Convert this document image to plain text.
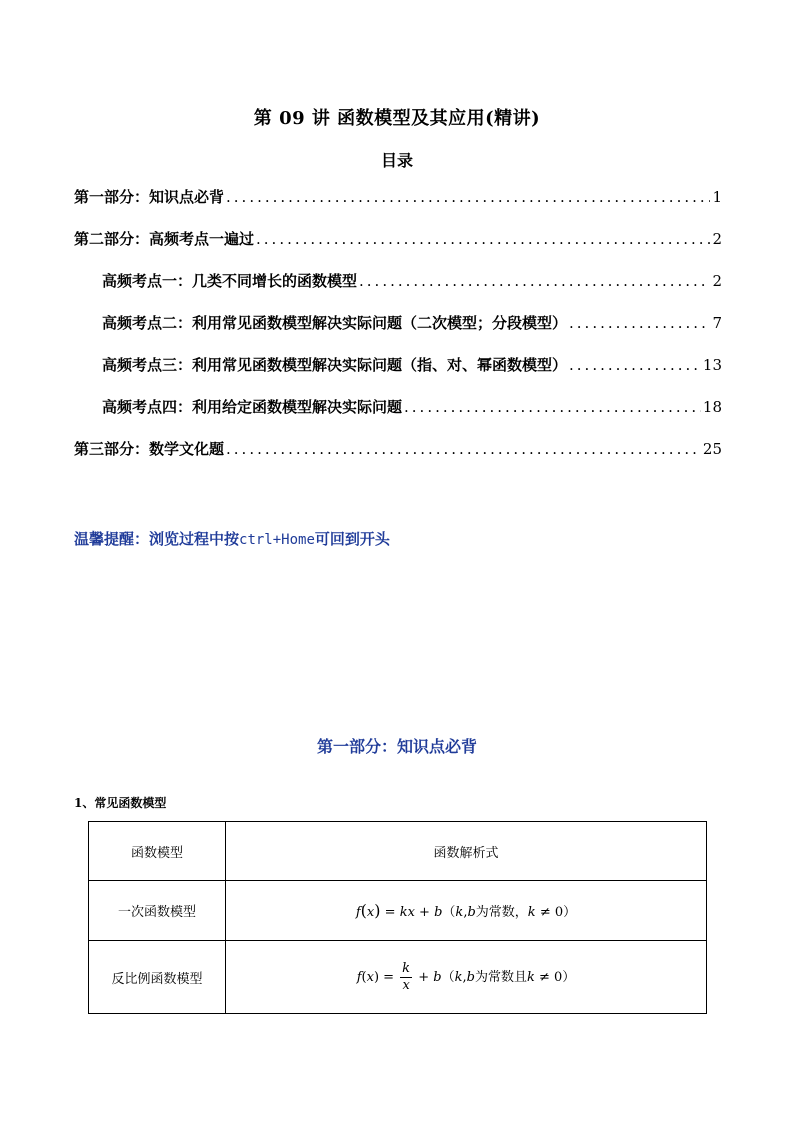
第 09 讲 函数模型及其应用(精讲)
目录
第一部分：知识点必背 .....	1
第二部分：高频考点一遍过 .....	2
高频考点一：几类不同增长的函数模型 .....	2
高频考点二：利用常见函数模型解决实际问题（二次模型；分段模型） .....	7
高频考点三：利用常见函数模型解决实际问题（指、对、幂函数模型） .....	13
高频考点四：利用给定函数模型解决实际问题 .....	18
第三部分：数学文化题 .....	25
温馨提醒：浏览过程中按ctrl+Home可回到开头
第一部分：知识点必背
1、常见函数模型
函数模型	函数解析式
一次函数模型	f(x) = kx + b（k,b为常数，k ≠ 0）
反比例函数模型	$f(x) = \frac{k}{x} + b(k,b$为常数且k ≠ 0）
